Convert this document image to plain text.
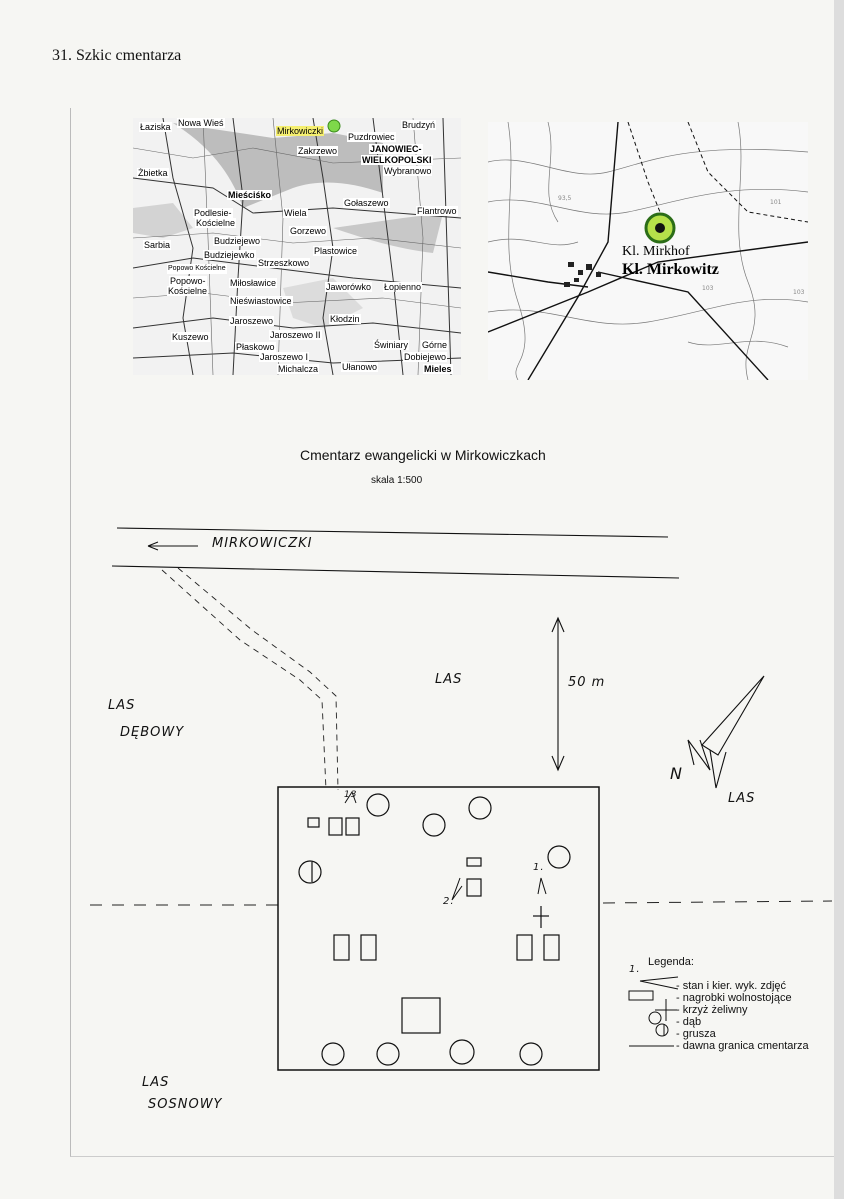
31. Szkic cmentarza
Łaziska Nowa Wieś
Mirkowiczki
Brudzyń
Puzdrowiec
Zakrzewo	JANOWIEC-
WIELKOPOLSKI
Wybranowo
Żbietka
Mieściśko
Gołaszewo
Flantrowo
Podlesie-
Kościelne
Wiela
Gorzewo
Sarbia	Budziejewo
Budziejewko	Plastowice
Strzeszkowo
Popowo Kościelne
Popowo-
Kościelne
Miłosławice	Jaworówko Łopienno
Nieświastowice
Jaroszewo	Kłodzin
Kuszewo	Jaroszewo II
Płaskowo
Jaroszewo I
Świniary Górne
Dobiejewo
Ułanowo
Michalcza	Mieles
101
103
103
93,5
Kl. Mirkhof
Kl. Mirkowitz
Cmentarz ewangelicki w Mirkowiczkach
skala 1:500
MIRKOWICZKI
50 m
LAS
LAS
LAS
DĘBOWY
LAS
SOSNOWY
1.
2.
13
N
Legenda:
1.
- stan i kier. wyk. zdjęć
- nagrobki wolnostojące
- krzyż żeliwny
- dąb
- grusza
- dawna granica cmentarza
